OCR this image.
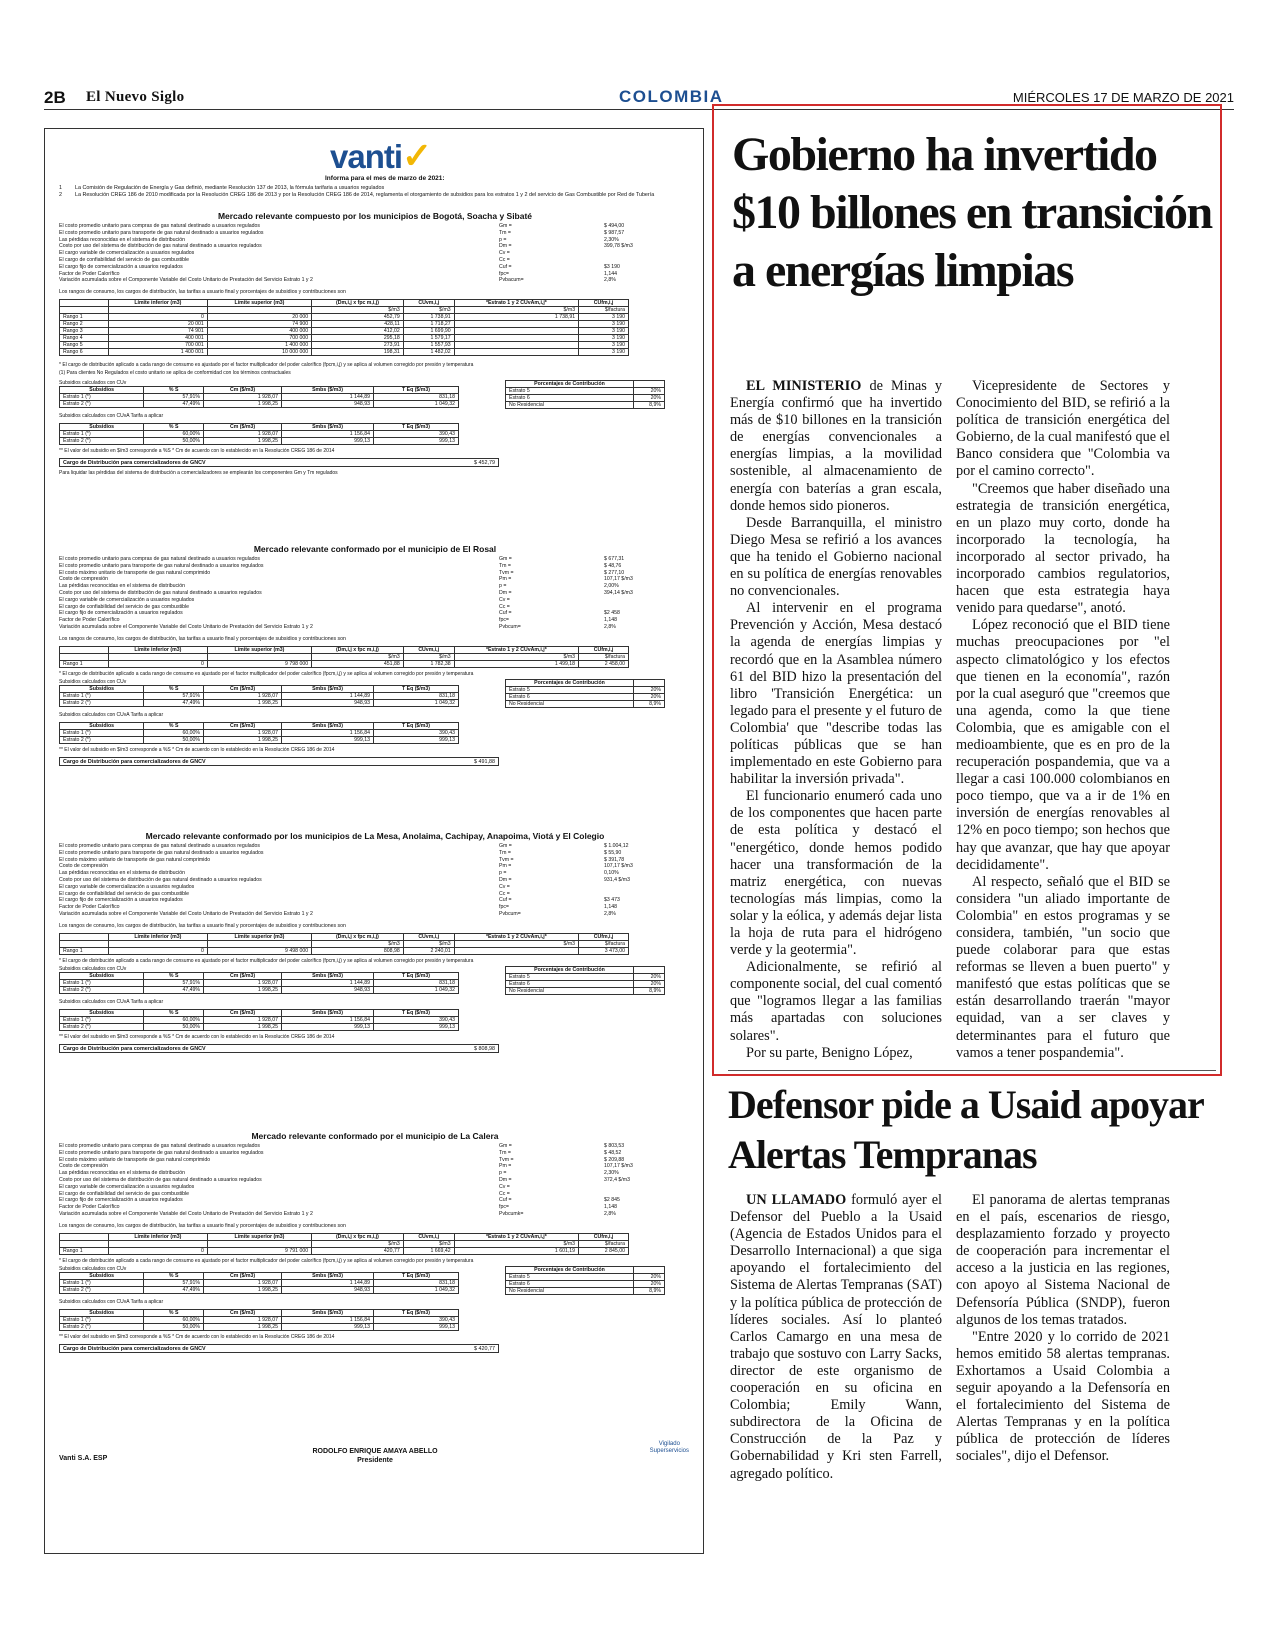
2B El Nuevo Siglo	COLOMBIA	MIÉRCOLES 17 DE MARZO DE 2021
vanti✓
Informa para el mes de marzo de 2021:
1 La Comisión de Regulación de Energía y Gas definió, mediante Resolución 137 de 2013, la fórmula tarifaria a usuarios regulados
2 La Resolución CREG 186 de 2010 modificada por la Resolución CREG 186 de 2013 y por la Resolución CREG 186 de 2014, reglamenta el otorgamiento de subsidios para los estratos 1 y 2 del servicio de Gas Combustible por Red de Tubería
Mercado relevante compuesto por los municipios de Bogotá, Soacha y Sibaté
El costo promedio unitario para compras de gas natural destinado a usuarios regulados	Gm =	$ 494,00
El costo promedio unitario para transporte de gas natural destinado a usuarios regulados	Tm =	$ 987,57
Las pérdidas reconocidas en el sistema de distribución	p =	2,30%
Costo por uso del sistema de distribución de gas natural destinado a usuarios regulados	Dm =	399,78 $/m3
El cargo variable de comercialización a usuarios regulados	Cv =
El cargo de confiabilidad del servicio de gas combustible	Cc =
El cargo fijo de comercialización a usuarios regulados	Cuf =	$3 190
Factor de Poder Calorífico	fpc=	1,144
Variación acumulada sobre el Componente Variable del Costo Unitario de Prestación del Servicio Estrato 1 y 2	Pvbacum=	2,8%
Los rangos de consumo, los cargos de distribución, las tarifas a usuario final y porcentajes de subsidios y contribuciones son
	Límite inferior (m3)	Límite superior (m3)	(Dm,i,j x fpc m,i,j)	CUvm,i,j	*Estrato 1 y 2 CUvAm,i,j*	CUfm,i,j
			$/m3	$/m3	$/m3	$/factura
Rango 1	0	20 000	452,79	1 738,91	1 738,91	3 190
Rango 2	20 001	74 900	428,11	1 718,27		3 190
Rango 3	74 901	400 000	412,02	1 699,90		3 190
Rango 4	400 001	700 000	295,18	1 579,17		3 190
Rango 5	700 001	1 400 000	273,91	1 557,93		3 190
Rango 6	1 400 001	10 000 000	198,31	1 482,02		3 190
* El cargo de distribución aplicado a cada rango de consumo es ajustado por el factor multiplicador del poder calorífico (fpcm,i,j) y se aplica al volumen corregido por presión y temperatura
(1) Para clientes No Regulados el costo unitario se aplica de conformidad con los términos contractuales
Subsidios calculados con CUv
Subsidios	% S	Cm ($/m3)	Smbs ($/m3)	T Eq ($/m3)
Estrato 1 (*)	57,91%	1 928,07	1 144,89	831,18
Estrato 2 (*)	47,49%	1 998,25	948,93	1 049,32
Porcentajes de Contribución	
Estrato 5	20%
Estrato 6	20%
No Residencial	8,9%
Subsidios calculados con CUvA Tarifa a aplicar
Subsidios	% S	Cm ($/m3)	Smbs ($/m3)	T Eq ($/m3)
Estrato 1 (*)	60,00%	1 928,07	1 156,84	390,43
Estrato 2 (*)	50,00%	1 998,25	999,13	999,13
** El valor del subsidio en $/m3 corresponde a %S * Cm de acuerdo con lo establecido en la Resolución CREG 186 de 2014
Cargo de Distribución para comercializadores de GNCV	$ 452,79
Para liquidar las pérdidas del sistema de distribución a comercializadores se emplearán los componentes Gm y Tm regulados
Mercado relevante conformado por el municipio de El Rosal
El costo promedio unitario para compras de gas natural destinado a usuarios regulados	Gm =	$ 677,31
El costo promedio unitario para transporte de gas natural destinado a usuarios regulados	Tm =	$ 48,76
El costo máximo unitario de transporte de gas natural comprimido	Tvm =	$ 277,10
Costo de compresión	Pm =	107,17 $/m3
Las pérdidas reconocidas en el sistema de distribución	p =	2,00%
Costo por uso del sistema de distribución de gas natural destinado a usuarios regulados	Dm =	394,14 $/m3
El cargo variable de comercialización a usuarios regulados	Cv =
El cargo de confiabilidad del servicio de gas combustible	Cc =
El cargo fijo de comercialización a usuarios regulados	Cuf =	$2 458
Factor de Poder Calorífico	fpc=	1,148
Variación acumulada sobre el Componente Variable del Costo Unitario de Prestación del Servicio Estrato 1 y 2	Pvbcum=	2,8%
Los rangos de consumo, los cargos de distribución, las tarifas a usuario final y porcentajes de subsidios y contribuciones son
	Límite inferior (m3)	Límite superior (m3)	(Dm,i,j x fpc m,i,j)	CUvm,i,j	*Estrato 1 y 2 CUvAm,i,j*	CUfm,i,j
			$/m3	$/m3	$/m3	$/factura
Rango 1	0	9 798 000	451,88	1 782,38	1 499,18	2 458,00
* El cargo de distribución aplicado a cada rango de consumo es ajustado por el factor multiplicador del poder calorífico (fpcm,i,j) y se aplica al volumen corregido por presión y temperatura
Subsidios calculados con CUv
Subsidios	% S	Cm ($/m3)	Smbs ($/m3)	T Eq ($/m3)
Estrato 1 (*)	57,91%	1 928,07	1 144,89	831,18
Estrato 2 (*)	47,49%	1 998,25	948,93	1 049,32
Porcentajes de Contribución	
Estrato 5	20%
Estrato 6	20%
No Residencial	8,9%
Subsidios calculados con CUvA Tarifa a aplicar
Subsidios	% S	Cm ($/m3)	Smbs ($/m3)	T Eq ($/m3)
Estrato 1 (*)	60,00%	1 928,07	1 156,84	390,43
Estrato 2 (*)	50,00%	1 998,25	999,13	999,13
** El valor del subsidio en $/m3 corresponde a %S * Cm de acuerdo con lo establecido en la Resolución CREG 186 de 2014
Cargo de Distribución para comercializadores de GNCV	$ 491,88
Mercado relevante conformado por los municipios de La Mesa, Anolaima, Cachipay, Anapoima, Viotá y El Colegio
El costo promedio unitario para compras de gas natural destinado a usuarios regulados	Gm =	$ 1.004,12
El costo promedio unitario para transporte de gas natural destinado a usuarios regulados	Tm =	$ 55,90
El costo máximo unitario de transporte de gas natural comprimido	Tvm =	$ 391,78
Costo de compresión	Pm =	107,17 $/m3
Las pérdidas reconocidas en el sistema de distribución	p =	0,10%
Costo por uso del sistema de distribución de gas natural destinado a usuarios regulados	Dm =	931,4 $/m3
El cargo variable de comercialización a usuarios regulados	Cv =
El cargo de confiabilidad del servicio de gas combustible	Cc =
El cargo fijo de comercialización a usuarios regulados	Cuf =	$3 473
Factor de Poder Calorífico	fpc=	1,148
Variación acumulada sobre el Componente Variable del Costo Unitario de Prestación del Servicio Estrato 1 y 2	Pvbcum=	2,8%
Los rangos de consumo, los cargos de distribución, las tarifas a usuario final y porcentajes de subsidios y contribuciones son
	Límite inferior (m3)	Límite superior (m3)	(Dm,i,j x fpc m,i,j)	CUvm,i,j	*Estrato 1 y 2 CUvAm,i,j*	CUfm,i,j
			$/m3	$/m3	$/m3	$/factura
Rango 1	0	9 498 000	808,98	2 240,01		3 473,00
* El cargo de distribución aplicado a cada rango de consumo es ajustado por el factor multiplicador del poder calorífico (fpcm,i,j) y se aplica al volumen corregido por presión y temperatura
Subsidios calculados con CUv
Subsidios	% S	Cm ($/m3)	Smbs ($/m3)	T Eq ($/m3)
Estrato 1 (*)	57,91%	1 928,07	1 144,89	831,18
Estrato 2 (*)	47,49%	1 998,25	948,93	1 049,32
Porcentajes de Contribución	
Estrato 5	20%
Estrato 6	20%
No Residencial	8,9%
Subsidios calculados con CUvA Tarifa a aplicar
Subsidios	% S	Cm ($/m3)	Smbs ($/m3)	T Eq ($/m3)
Estrato 1 (*)	60,00%	1 928,07	1 156,84	390,43
Estrato 2 (*)	50,00%	1 998,25	999,13	999,13
** El valor del subsidio en $/m3 corresponde a %S * Cm de acuerdo con lo establecido en la Resolución CREG 186 de 2014
Cargo de Distribución para comercializadores de GNCV	$ 808,98
Mercado relevante conformado por el municipio de La Calera
El costo promedio unitario para compras de gas natural destinado a usuarios regulados	Gm =	$ 803,53
El costo promedio unitario para transporte de gas natural destinado a usuarios regulados	Tm =	$ 48,52
El costo máximo unitario de transporte de gas natural comprimido	Tvm =	$ 209,88
Costo de compresión	Pm =	107,17 $/m3
Las pérdidas reconocidas en el sistema de distribución	p =	2,30%
Costo por uso del sistema de distribución de gas natural destinado a usuarios regulados	Dm =	372,4 $/m3
El cargo variable de comercialización a usuarios regulados	Cv =
El cargo de confiabilidad del servicio de gas combustible	Cc =
El cargo fijo de comercialización a usuarios regulados	Cuf =	$2 845
Factor de Poder Calorífico	fpc=	1,148
Variación acumulada sobre el Componente Variable del Costo Unitario de Prestación del Servicio Estrato 1 y 2	Pvbcumk=	2,8%
Los rangos de consumo, los cargos de distribución, las tarifas a usuario final y porcentajes de subsidios y contribuciones son
	Límite inferior (m3)	Límite superior (m3)	(Dm,i,j x fpc m,i,j)	CUvm,i,j	*Estrato 1 y 2 CUvAm,i,j*	CUfm,i,j
			$/m3	$/m3	$/m3	$/factura
Rango 1	0	9 791 000	420,77	1 669,42	1 601,19	2 845,00
* El cargo de distribución aplicado a cada rango de consumo es ajustado por el factor multiplicador del poder calorífico (fpcm,i,j) y se aplica al volumen corregido por presión y temperatura
Subsidios calculados con CUv
Subsidios	% S	Cm ($/m3)	Smbs ($/m3)	T Eq ($/m3)
Estrato 1 (*)	57,91%	1 928,07	1 144,89	831,18
Estrato 2 (*)	47,49%	1 998,25	948,93	1 049,32
Porcentajes de Contribución	
Estrato 5	20%
Estrato 6	20%
No Residencial	8,9%
Subsidios calculados con CUvA Tarifa a aplicar
Subsidios	% S	Cm ($/m3)	Smbs ($/m3)	T Eq ($/m3)
Estrato 1 (*)	60,00%	1 928,07	1 156,84	390,43
Estrato 2 (*)	50,00%	1 998,25	999,13	999,13
** El valor del subsidio en $/m3 corresponde a %S * Cm de acuerdo con lo establecido en la Resolución CREG 186 de 2014
Cargo de Distribución para comercializadores de GNCV	$ 420,77
Vanti S.A. ESP
RODOLFO ENRIQUE AMAYA ABELLO
Presidente
Vigilado
Superservicios
Gobierno ha invertido $10 billones en transición a energías limpias

EL MINISTERIO de Minas y Energía confirmó que ha invertido más de $10 billones en la transición de energías convencionales a energías limpias, a la movilidad sostenible, al almacenamiento de energía con baterías a gran escala, donde hemos sido pioneros.

Desde Barranquilla, el ministro Diego Mesa se refirió a los avances que ha tenido el Gobierno nacional en su política de energías renovables no convencionales.

Al intervenir en el programa Prevención y Acción, Mesa destacó la agenda de energías limpias y recordó que en la Asamblea número 61 del BID hizo la presentación del libro 'Transición Energética: un legado para el presente y el futuro de Colombia' que "describe todas las políticas públicas que se han implementado en este Gobierno para habilitar la inversión privada".

El funcionario enumeró cada uno de los componentes que hacen parte de esta política y destacó el "energético, donde hemos podido hacer una transformación de la matriz energética, con nuevas tecnologías más limpias, como la solar y la eólica, y además dejar lista la hoja de ruta para el hidrógeno verde y la geotermia".

Adicionalmente, se refirió al componente social, del cual comentó que "logramos llegar a las familias más apartadas con soluciones solares".

Por su parte, Benigno López,

Vicepresidente de Sectores y Conocimiento del BID, se refirió a la política de transición energética del Gobierno, de la cual manifestó que el Banco considera que "Colombia va por el camino correcto".

"Creemos que haber diseñado una estrategia de transición energética, en un plazo muy corto, donde ha incorporado la tecnología, ha incorporado al sector privado, ha incorporado cambios regulatorios, hacen que esta estrategia haya venido para quedarse", anotó.

López reconoció que el BID tiene muchas preocupaciones por "el aspecto climatológico y los efectos que tienen en la economía", razón por la cual aseguró que "creemos que una agenda, como la que tiene Colombia, que es amigable con el medioambiente, que es en pro de la recuperación pospandemia, que va a llegar a casi 100.000 colombianos en poco tiempo, que va a ir de 1% en inversión de energías renovables al 12% en poco tiempo; son hechos que hay que avanzar, que hay que apoyar decididamente".

Al respecto, señaló que el BID se considera "un aliado importante de Colombia" en estos programas y se considera, también, "un socio que puede colaborar para que estas reformas se lleven a buen puerto" y manifestó que estas políticas que se están desarrollando traerán "mayor equidad, van a ser claves y determinantes para el futuro que vamos a tener pospandemia".

Defensor pide a Usaid apoyar Alertas Tempranas

UN LLAMADO formuló ayer el Defensor del Pueblo a la Usaid (Agencia de Estados Unidos para el Desarrollo Internacional) a que siga apoyando el fortalecimiento del Sistema de Alertas Tempranas (SAT) y la política pública de protección de líderes sociales. Así lo planteó Carlos Camargo en una mesa de trabajo que sostuvo con Larry Sacks, director de este organismo de cooperación en su oficina en Colombia; Emily Wann, subdirectora de la Oficina de Construcción de la Paz y Gobernabilidad y Kri sten Farrell, agregado político.

El panorama de alertas tempranas en el país, escenarios de riesgo, desplazamiento forzado y proyecto de cooperación para incrementar el acceso a la justicia en las regiones, con apoyo al Sistema Nacional de Defensoría Pública (SNDP), fueron algunos de los temas tratados.

"Entre 2020 y lo corrido de 2021 hemos emitido 58 alertas tempranas. Exhortamos a Usaid Colombia a seguir apoyando a la Defensoría en el fortalecimiento del Sistema de Alertas Tempranas y en la política pública de protección de líderes sociales", dijo el Defensor.
